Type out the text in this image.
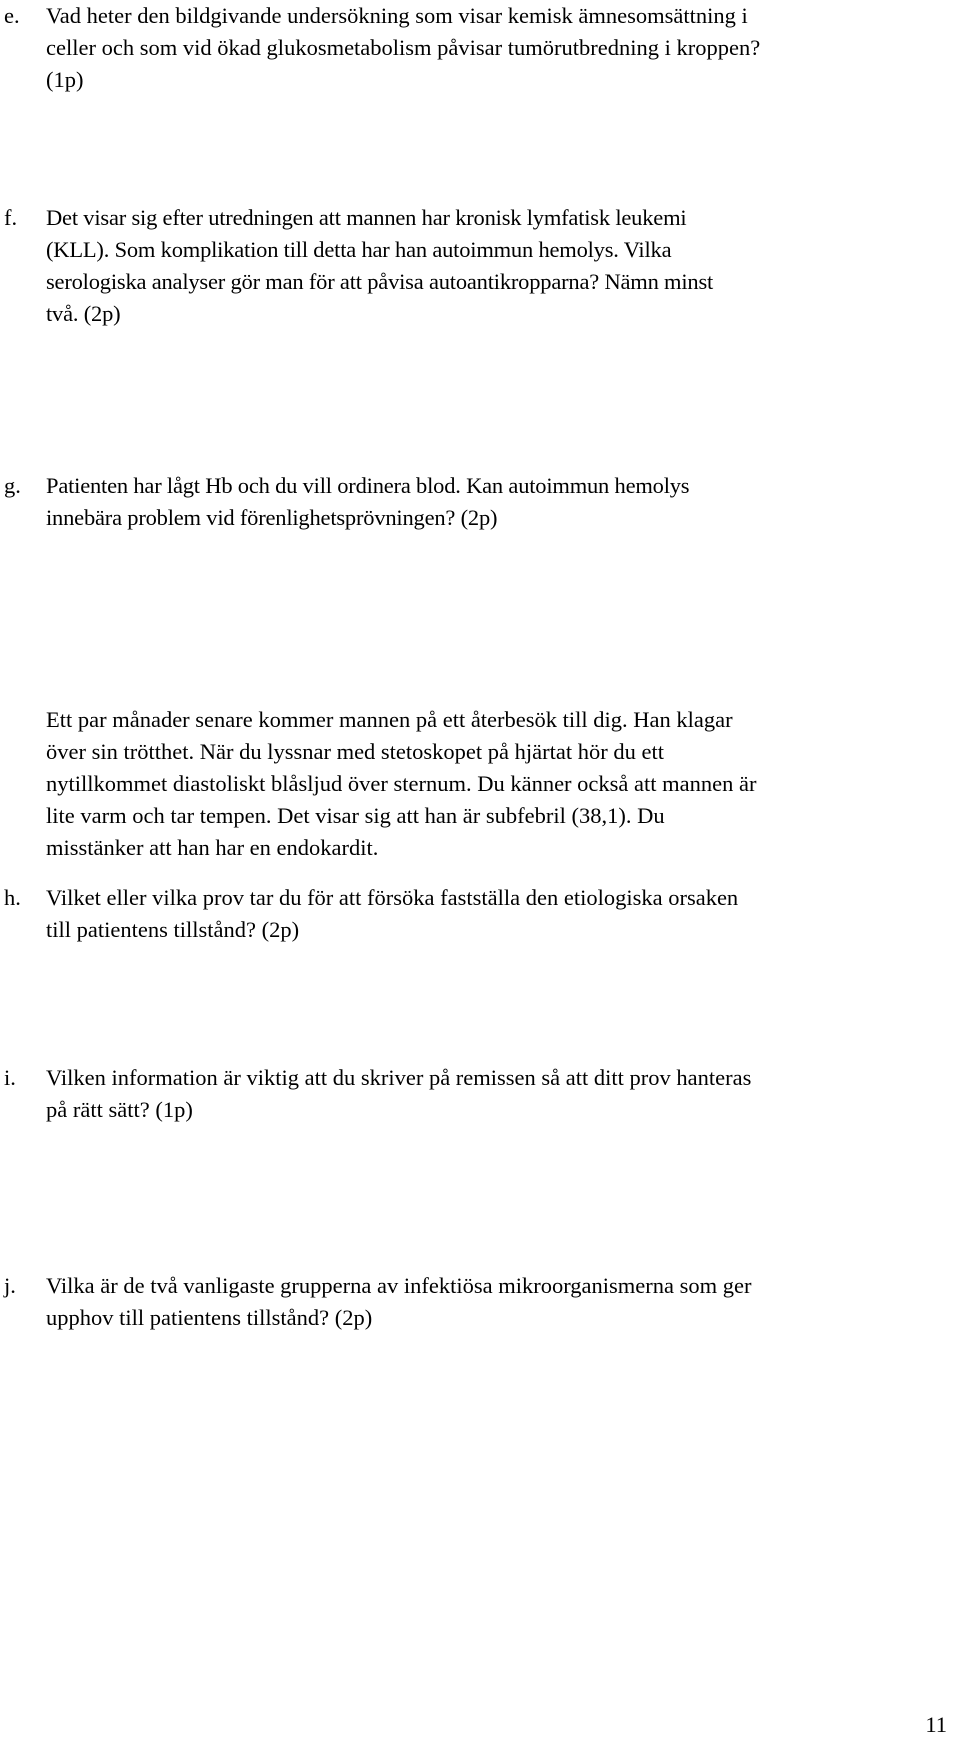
e. Vad heter den bildgivande undersökning som visar kemisk ämnesomsättning i
celler och som vid ökad glukosmetabolism påvisar tumörutbredning i kroppen?
(1p)
f. Det visar sig efter utredningen att mannen har kronisk lymfatisk leukemi
(KLL). Som komplikation till detta har han autoimmun hemolys. Vilka
serologiska analyser gör man för att påvisa autoantikropparna? Nämn minst
två. (2p)
g. Patienten har lågt Hb och du vill ordinera blod. Kan autoimmun hemolys
innebära problem vid förenlighetsprövningen? (2p)
Ett par månader senare kommer mannen på ett återbesök till dig. Han klagar
över sin trötthet. När du lyssnar med stetoskopet på hjärtat hör du ett
nytillkommet diastoliskt blåsljud över sternum. Du känner också att mannen är
lite varm och tar tempen. Det visar sig att han är subfebril (38,1). Du
misstänker att han har en endokardit.
h. Vilket eller vilka prov tar du för att försöka fastställa den etiologiska orsaken
till patientens tillstånd? (2p)
i. Vilken information är viktig att du skriver på remissen så att ditt prov hanteras
på rätt sätt? (1p)
j. Vilka är de två vanligaste grupperna av infektiösa mikroorganismerna som ger
upphov till patientens tillstånd? (2p)
11
